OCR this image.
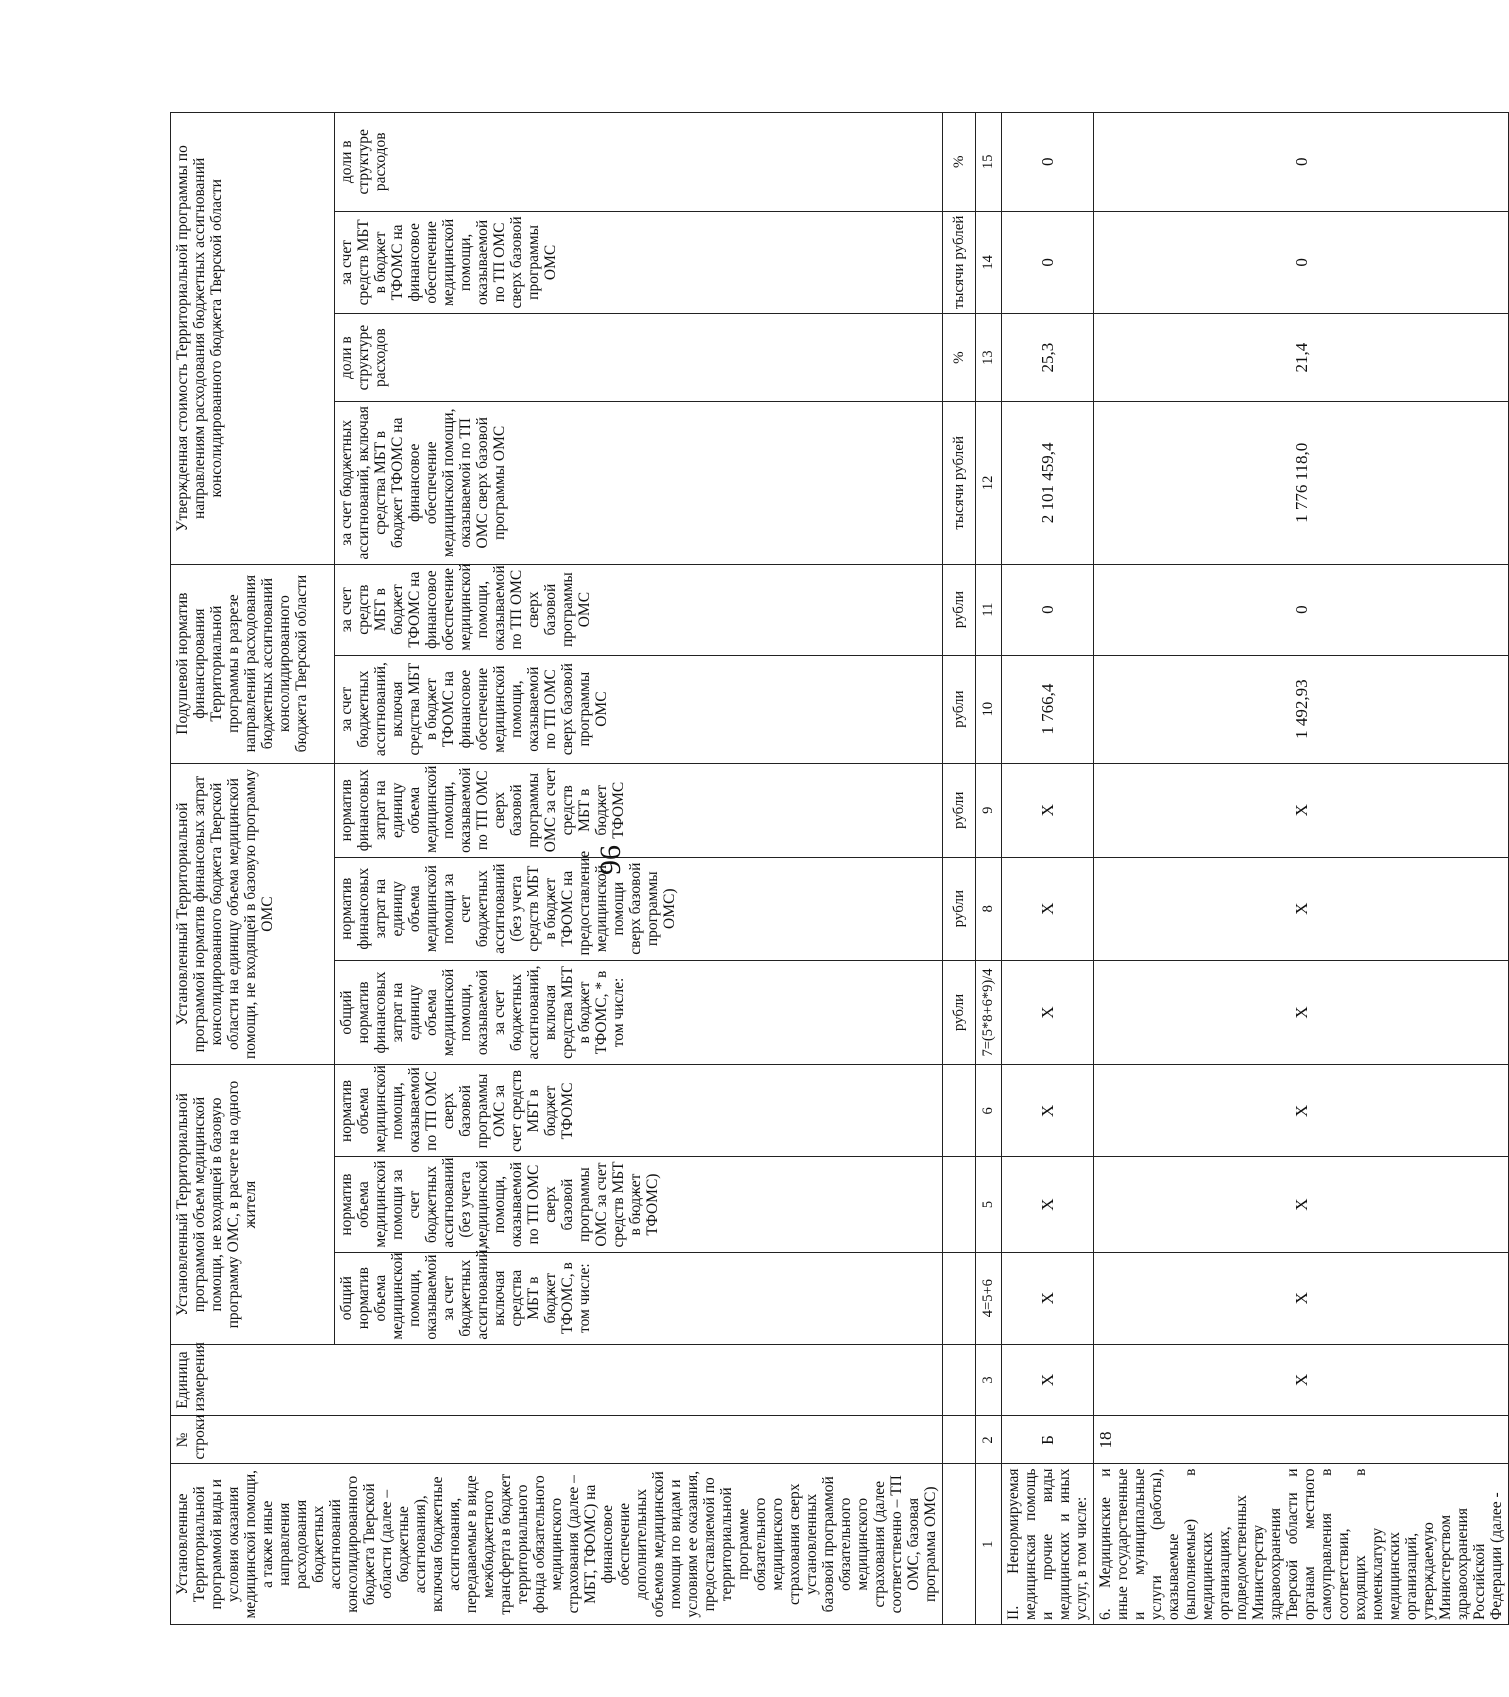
96
Установленные Территориальной программой виды и условия оказания медицинской помощи, а также иные направления расходования бюджетных ассигнований консолидированного бюджета Тверской области (далее – бюджетные ассигнования), включая бюджетные ассигнования, передаваемые в виде межбюджетного трансферта в бюджет территориального фонда обязательного медицинского страхования (далее – МБТ, ТФОМС) на финансовое обеспечение дополнительных объемов медицинской помощи по видам и условиям ее оказания, предоставляемой по территориальной программе обязательного медицинского страхования сверх установленных базовой программой обязательного медицинского страхования (далее соответственно – ТП ОМС, базовая программа ОМС)	№ строки	Единица измерения	Установленный Территориальной программой объем медицинской помощи, не входящей в базовую программу ОМС, в расчете на одного жителя			Установленный Территориальной программой норматив финансовых затрат консолидированного бюджета Тверской области на единицу объема медицинской помощи, не входящей в базовую программу ОМС			Подушевой норматив финансирования Территориальной программы в разрезе направлений расходования бюджетных ассигнований консолидированного бюджета Тверской области		Утвержденная стоимость Территориальной программы по направлениям расходования бюджетных ассигнований консолидированного бюджета Тверской области			
			общий норматив объема медицинской помощи, оказываемой за счет бюджетных ассигнований, включая средства МБТ в бюджет ТФОМС, в том числе:	норматив объема медицинской помощи за счет бюджетных ассигнований (без учета медицинской помощи, оказываемой по ТП ОМС сверх базовой программы ОМС за счет средств МБТ в бюджет ТФОМС)	норматив объема медицинской помощи, оказываемой по ТП ОМС сверх базовой программы ОМС за счет средств МБТ в бюджет ТФОМС	общий норматив финансовых затрат на единицу объема медицинской помощи, оказываемой за счет бюджетных ассигнований, включая средства МБТ в бюджет ТФОМС, * в том числе:	норматив финансовых затрат на единицу объема медицинской помощи за счет бюджетных ассигнований (без учета средств МБТ в бюджет ТФОМС на предоставление медицинской помощи сверх базовой программы ОМС)	норматив финансовых затрат на единицу объема медицинской помощи, оказываемой по ТП ОМС сверх базовой программы ОМС за счет средств МБТ в бюджет ТФОМС	за счет бюджетных ассигнований, включая средства МБТ в бюджет ТФОМС на финансовое обеспечение медицинской помощи, оказываемой по ТП ОМС сверх базовой программы ОМС	за счет средств МБТ в бюджет ТФОМС на финансовое обеспечение медицинской помощи, оказываемой по ТП ОМС сверх базовой программы ОМС	за счет бюджетных ассигнований, включая средства МБТ в бюджет ТФОМС на финансовое обеспечение медицинской помощи, оказываемой по ТП ОМС сверх базовой программы ОМС	доли в структуре расходов	за счет средств МБТ в бюджет ТФОМС на финансовое обеспечение медицинской помощи, оказываемой по ТП ОМС сверх базовой программы ОМС	доли в структуре расходов
						рубли	рубли	рубли	рубли	рубли	тысячи рублей	%	тысячи рублей	%
1	2	3	4=5+6	5	6	7=(5*8+6*9)/4	8	9	10	11	12	13	14	15
II. Ненормируемая медицинская помощь и прочие виды медицинских и иных услуг, в том числе:	Б	Х	Х	Х	Х	Х	Х	Х	1 766,4	0	2 101 459,4	25,3	0	0
6. Медицинские и иные государственные и муниципальные услуги (работы), оказываемые (выполняемые) в медицинских организациях, подведомственных Министерству здравоохранения Тверской области и органам местного самоуправления в соответствии, входящих в номенклатуру медицинских организаций, утверждаемую Министерством здравоохранения Российской Федерации (далее -	18	Х	Х	Х	Х	Х	Х	Х	1 492,93	0	1 776 118,0	21,4	0	0
